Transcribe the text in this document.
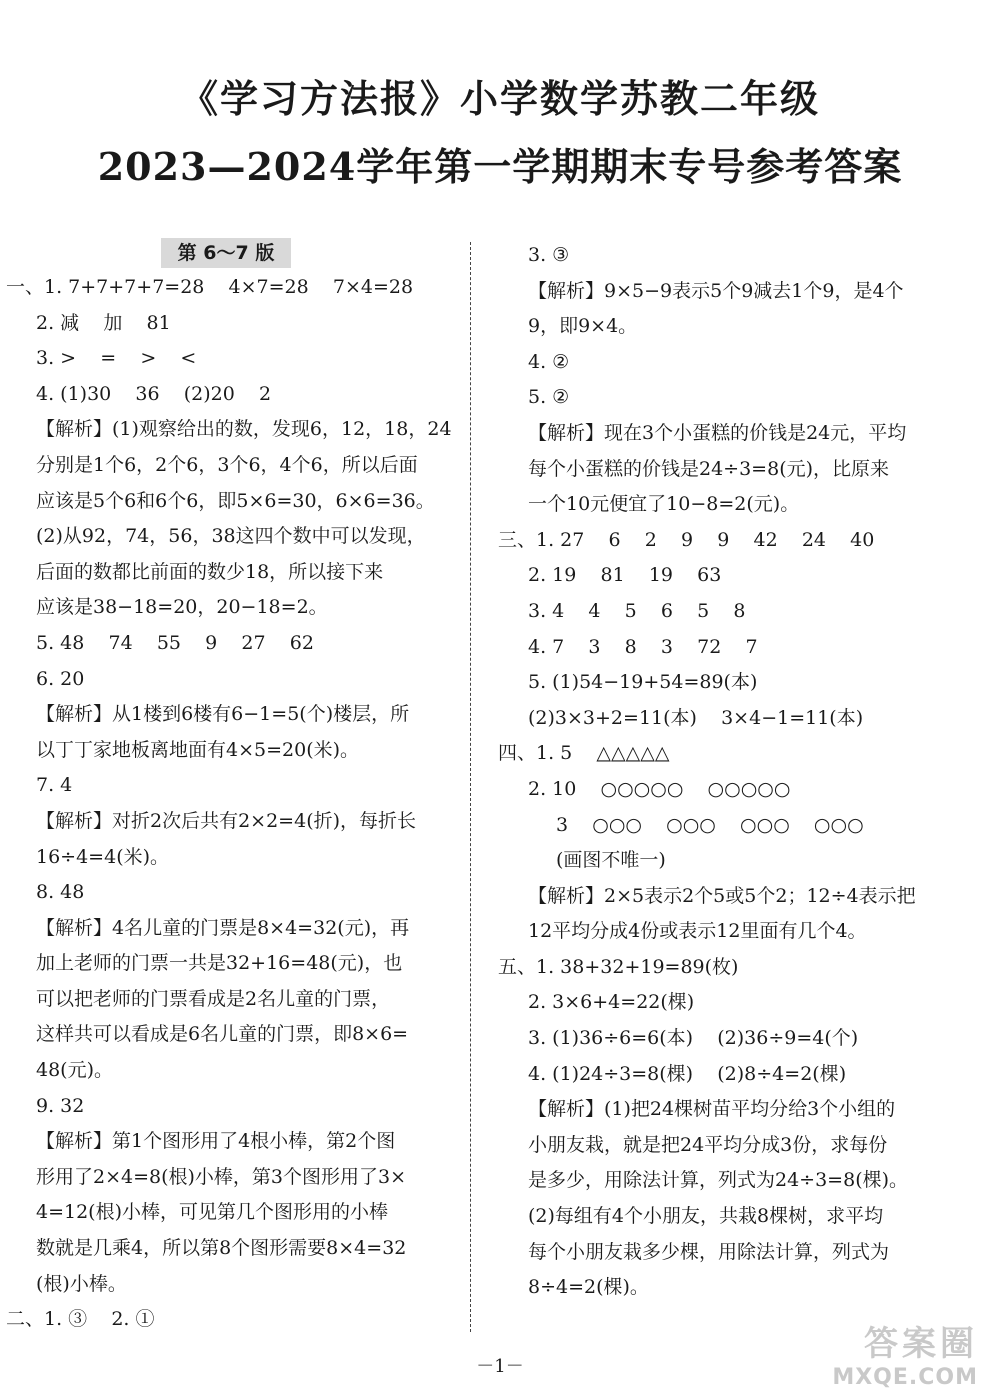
《学习方法报》小学数学苏教二年级
2023—2024学年第一学期期末专号参考答案
第 6～7 版
一、1. 7+7+7+7=28    4×7=28    7×4=28
2. 减    加    81
3. >    =    >    <
4. (1)30    36    (2)20    2
【解析】(1)观察给出的数，发现6，12，18，24
分别是1个6，2个6，3个6，4个6，所以后面
应该是5个6和6个6，即5×6=30，6×6=36。
(2)从92，74，56，38这四个数中可以发现，
后面的数都比前面的数少18，所以接下来
应该是38−18=20，20−18=2。
5. 48    74    55    9    27    62
6. 20
【解析】从1楼到6楼有6−1=5(个)楼层，所
以丁丁家地板离地面有4×5=20(米)。
7. 4
【解析】对折2次后共有2×2=4(折)，每折长
16÷4=4(米)。
8. 48
【解析】4名儿童的门票是8×4=32(元)，再
加上老师的门票一共是32+16=48(元)，也
可以把老师的门票看成是2名儿童的门票，
这样共可以看成是6名儿童的门票，即8×6=
48(元)。
9. 32
【解析】第1个图形用了4根小棒，第2个图
形用了2×4=8(根)小棒，第3个图形用了3×
4=12(根)小棒，可见第几个图形用的小棒
数就是几乘4，所以第8个图形需要8×4=32
(根)小棒。
二、1. ③    2. ①
3. ③
【解析】9×5−9表示5个9减去1个9，是4个
9，即9×4。
4. ②
5. ②
【解析】现在3个小蛋糕的价钱是24元，平均
每个小蛋糕的价钱是24÷3=8(元)，比原来
一个10元便宜了10−8=2(元)。
三、1. 27    6    2    9    9    42    24    40
2. 19    81    19    63
3. 4    4    5    6    5    8
4. 7    3    8    3    72    7
5. (1)54−19+54=89(本)
(2)3×3+2=11(本)    3×4−1=11(本)
四、1. 5    △△△△△
2. 10    ○○○○○    ○○○○○
3    ○○○    ○○○    ○○○    ○○○
(画图不唯一)
【解析】2×5表示2个5或5个2；12÷4表示把
12平均分成4份或表示12里面有几个4。
五、1. 38+32+19=89(枚)
2. 3×6+4=22(棵)
3. (1)36÷6=6(本)    (2)36÷9=4(个)
4. (1)24÷3=8(棵)    (2)8÷4=2(棵)
【解析】(1)把24棵树苗平均分给3个小组的
小朋友栽，就是把24平均分成3份，求每份
是多少，用除法计算，列式为24÷3=8(棵)。
(2)每组有4个小朋友，共栽8棵树，求平均
每个小朋友栽多少棵，用除法计算，列式为
8÷4=2(棵)。
－1－
答案圈
MXQE.COM
